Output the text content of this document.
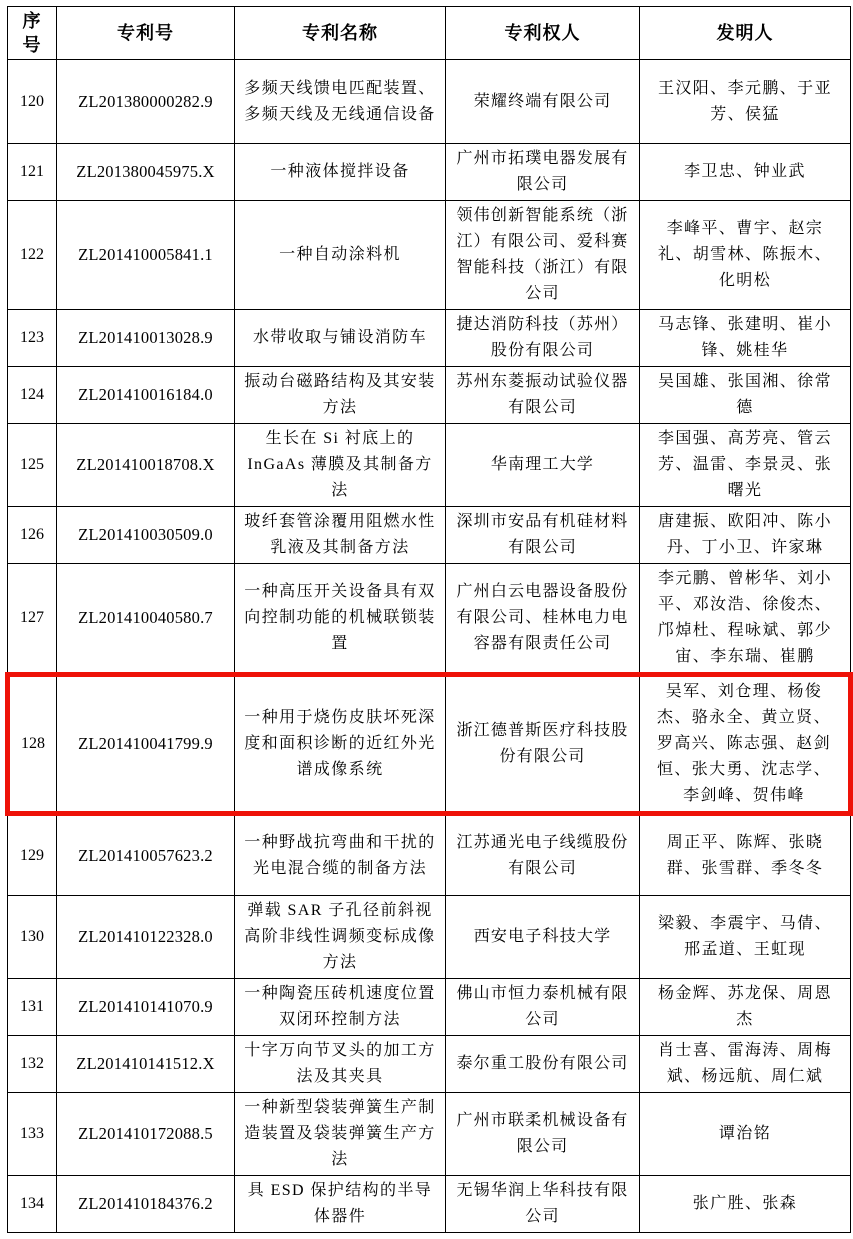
序号	专利号	专利名称	专利权人	发明人
120	ZL201380000282.9	多频天线馈电匹配装置、多频天线及无线通信设备	荣耀终端有限公司	王汉阳、李元鹏、于亚芳、侯猛
121	ZL201380045975.X	一种液体搅拌设备	广州市拓璞电器发展有限公司	李卫忠、钟业武
122	ZL201410005841.1	一种自动涂料机	领伟创新智能系统（浙江）有限公司、爱科赛智能科技（浙江）有限公司	李峰平、曹宇、赵宗礼、胡雪林、陈振木、化明松
123	ZL201410013028.9	水带收取与铺设消防车	捷达消防科技（苏州）股份有限公司	马志锋、张建明、崔小锋、姚桂华
124	ZL201410016184.0	振动台磁路结构及其安装方法	苏州东菱振动试验仪器有限公司	吴国雄、张国湘、徐常德
125	ZL201410018708.X	生长在 Si 衬底上的 InGaAs 薄膜及其制备方法	华南理工大学	李国强、高芳亮、管云芳、温雷、李景灵、张曙光
126	ZL201410030509.0	玻纤套管涂覆用阻燃水性乳液及其制备方法	深圳市安品有机硅材料有限公司	唐建振、欧阳冲、陈小丹、丁小卫、许家琳
127	ZL201410040580.7	一种高压开关设备具有双向控制功能的机械联锁装置	广州白云电器设备股份有限公司、桂林电力电容器有限责任公司	李元鹏、曾彬华、刘小平、邓汝浩、徐俊杰、邝焯杜、程咏斌、郭少宙、李东瑞、崔鹏
128	ZL201410041799.9	一种用于烧伤皮肤坏死深度和面积诊断的近红外光谱成像系统	浙江德普斯医疗科技股份有限公司	吴军、刘仓理、杨俊杰、骆永全、黄立贤、罗高兴、陈志强、赵剑恒、张大勇、沈志学、李剑峰、贺伟峰
129	ZL201410057623.2	一种野战抗弯曲和干扰的光电混合缆的制备方法	江苏通光电子线缆股份有限公司	周正平、陈辉、张晓群、张雪群、季冬冬
130	ZL201410122328.0	弹载 SAR 子孔径前斜视高阶非线性调频变标成像方法	西安电子科技大学	梁毅、李震宇、马倩、邢孟道、王虹现
131	ZL201410141070.9	一种陶瓷压砖机速度位置双闭环控制方法	佛山市恒力泰机械有限公司	杨金辉、苏龙保、周恩杰
132	ZL201410141512.X	十字万向节叉头的加工方法及其夹具	泰尔重工股份有限公司	肖士喜、雷海涛、周梅斌、杨远航、周仁斌
133	ZL201410172088.5	一种新型袋装弹簧生产制造装置及袋装弹簧生产方法	广州市联柔机械设备有限公司	谭治铭
134	ZL201410184376.2	具 ESD 保护结构的半导体器件	无锡华润上华科技有限公司	张广胜、张森
